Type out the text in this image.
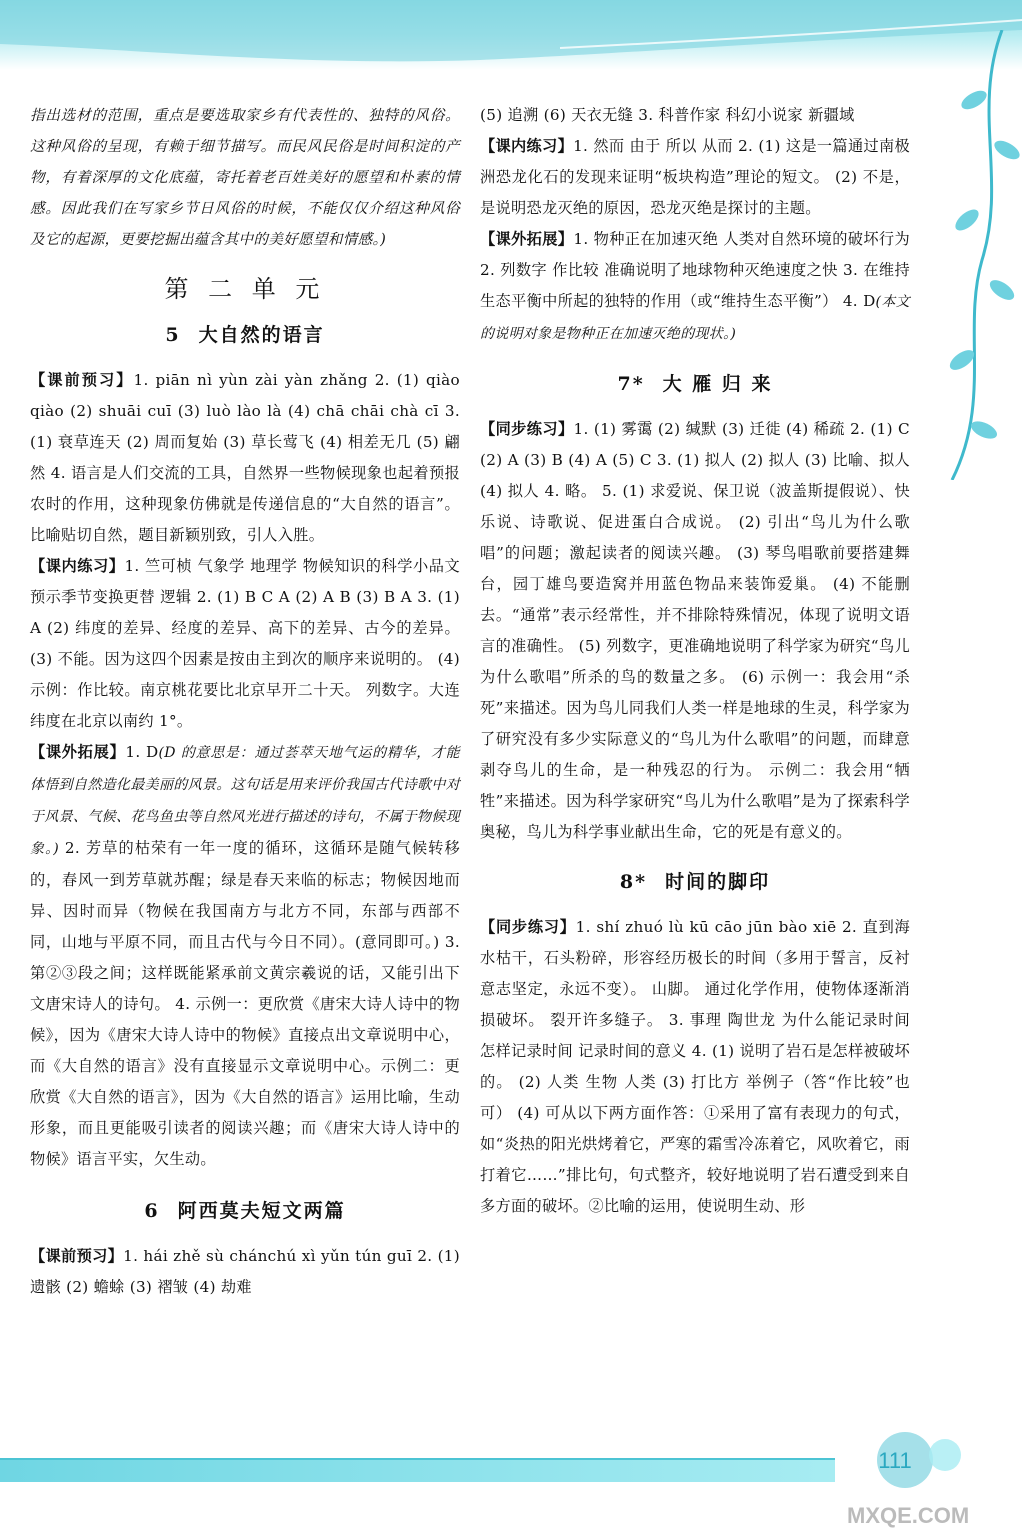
指出选材的范围，重点是要选取家乡有代表性的、独特的风俗。这种风俗的呈现，有赖于细节描写。而民风民俗是时间积淀的产物，有着深厚的文化底蕴，寄托着老百姓美好的愿望和朴素的情感。因此我们在写家乡节日风俗的时候，不能仅仅介绍这种风俗及它的起源，更要挖掘出蕴含其中的美好愿望和情感。)

第 二 单 元
5 大自然的语言

【课前预习】1. piān nì yùn zài yàn zhǎng 2. (1) qiào qiào (2) shuāi cuī (3) luò lào là (4) chā chāi chà cī 3. (1) 衰草连天 (2) 周而复始 (3) 草长莺飞 (4) 相差无几 (5) 翩然 4. 语言是人们交流的工具，自然界一些物候现象也起着预报农时的作用，这种现象仿佛就是传递信息的“大自然的语言”。比喻贴切自然，题目新颖别致，引人入胜。

【课内练习】1. 竺可桢 气象学 地理学 物候知识的科学小品文 预示季节变换更替 逻辑 2. (1) B C A (2) A B (3) B A 3. (1) A (2) 纬度的差异、经度的差异、高下的差异、古今的差异。 (3) 不能。因为这四个因素是按由主到次的顺序来说明的。 (4) 示例：作比较。南京桃花要比北京早开二十天。 列数字。大连纬度在北京以南约 1°。

【课外拓展】1. D(D 的意思是：通过荟萃天地气运的精华，才能体悟到自然造化最美丽的风景。这句话是用来评价我国古代诗歌中对于风景、气候、花鸟鱼虫等自然风光进行描述的诗句，不属于物候现象。) 2. 芳草的枯荣有一年一度的循环，这循环是随气候转移的，春风一到芳草就苏醒；绿是春天来临的标志；物候因地而异、因时而异（物候在我国南方与北方不同，东部与西部不同，山地与平原不同，而且古代与今日不同）。(意同即可。) 3. 第②③段之间；这样既能紧承前文黄宗羲说的话，又能引出下文唐宋诗人的诗句。 4. 示例一：更欣赏《唐宋大诗人诗中的物候》，因为《唐宋大诗人诗中的物候》直接点出文章说明中心，而《大自然的语言》没有直接显示文章说明中心。示例二：更欣赏《大自然的语言》，因为《大自然的语言》运用比喻，生动形象，而且更能吸引读者的阅读兴趣；而《唐宋大诗人诗中的物候》语言平实，欠生动。

6 阿西莫夫短文两篇

【课前预习】1. hái zhě sù chánchú xì yǔn tún guī 2. (1) 遗骸 (2) 蟾蜍 (3) 褶皱 (4) 劫难

(5) 追溯 (6) 天衣无缝 3. 科普作家 科幻小说家 新疆域

【课内练习】1. 然而 由于 所以 从而 2. (1) 这是一篇通过南极洲恐龙化石的发现来证明“板块构造”理论的短文。 (2) 不是，是说明恐龙灭绝的原因，恐龙灭绝是探讨的主题。

【课外拓展】1. 物种正在加速灭绝 人类对自然环境的破坏行为 2. 列数字 作比较 准确说明了地球物种灭绝速度之快 3. 在维持生态平衡中所起的独特的作用（或“维持生态平衡”） 4. D(本文的说明对象是物种正在加速灭绝的现状。)

7* 大 雁 归 来

【同步练习】1. (1) 雾霭 (2) 缄默 (3) 迁徙 (4) 稀疏 2. (1) C (2) A (3) B (4) A (5) C 3. (1) 拟人 (2) 拟人 (3) 比喻、拟人 (4) 拟人 4. 略。 5. (1) 求爱说、保卫说（波盖斯提假说）、快乐说、诗歌说、促进蛋白合成说。 (2) 引出“鸟儿为什么歌唱”的问题；激起读者的阅读兴趣。 (3) 琴鸟唱歌前要搭建舞台，园丁雄鸟要造窝并用蓝色物品来装饰爱巢。 (4) 不能删去。“通常”表示经常性，并不排除特殊情况，体现了说明文语言的准确性。 (5) 列数字，更准确地说明了科学家为研究“鸟儿为什么歌唱”所杀的鸟的数量之多。 (6) 示例一：我会用“杀死”来描述。因为鸟儿同我们人类一样是地球的生灵，科学家为了研究没有多少实际意义的“鸟儿为什么歌唱”的问题，而肆意剥夺鸟儿的生命，是一种残忍的行为。 示例二：我会用“牺牲”来描述。因为科学家研究“鸟儿为什么歌唱”是为了探索科学奥秘，鸟儿为科学事业献出生命，它的死是有意义的。

8* 时间的脚印

【同步练习】1. shí zhuó lù kū cāo jūn bào xiē 2. 直到海水枯干，石头粉碎，形容经历极长的时间（多用于誓言，反衬意志坚定，永远不变）。 山脚。 通过化学作用，使物体逐渐消损破坏。 裂开许多缝子。 3. 事理 陶世龙 为什么能记录时间 怎样记录时间 记录时间的意义 4. (1) 说明了岩石是怎样被破坏的。 (2) 人类 生物 人类 (3) 打比方 举例子（答“作比较”也可） (4) 可从以下两方面作答：①采用了富有表现力的句式，如“炎热的阳光烘烤着它，严寒的霜雪冷冻着它，风吹着它，雨打着它……”排比句，句式整齐，较好地说明了岩石遭受到来自多方面的破坏。②比喻的运用，使说明生动、形

MXQE.COM
111
